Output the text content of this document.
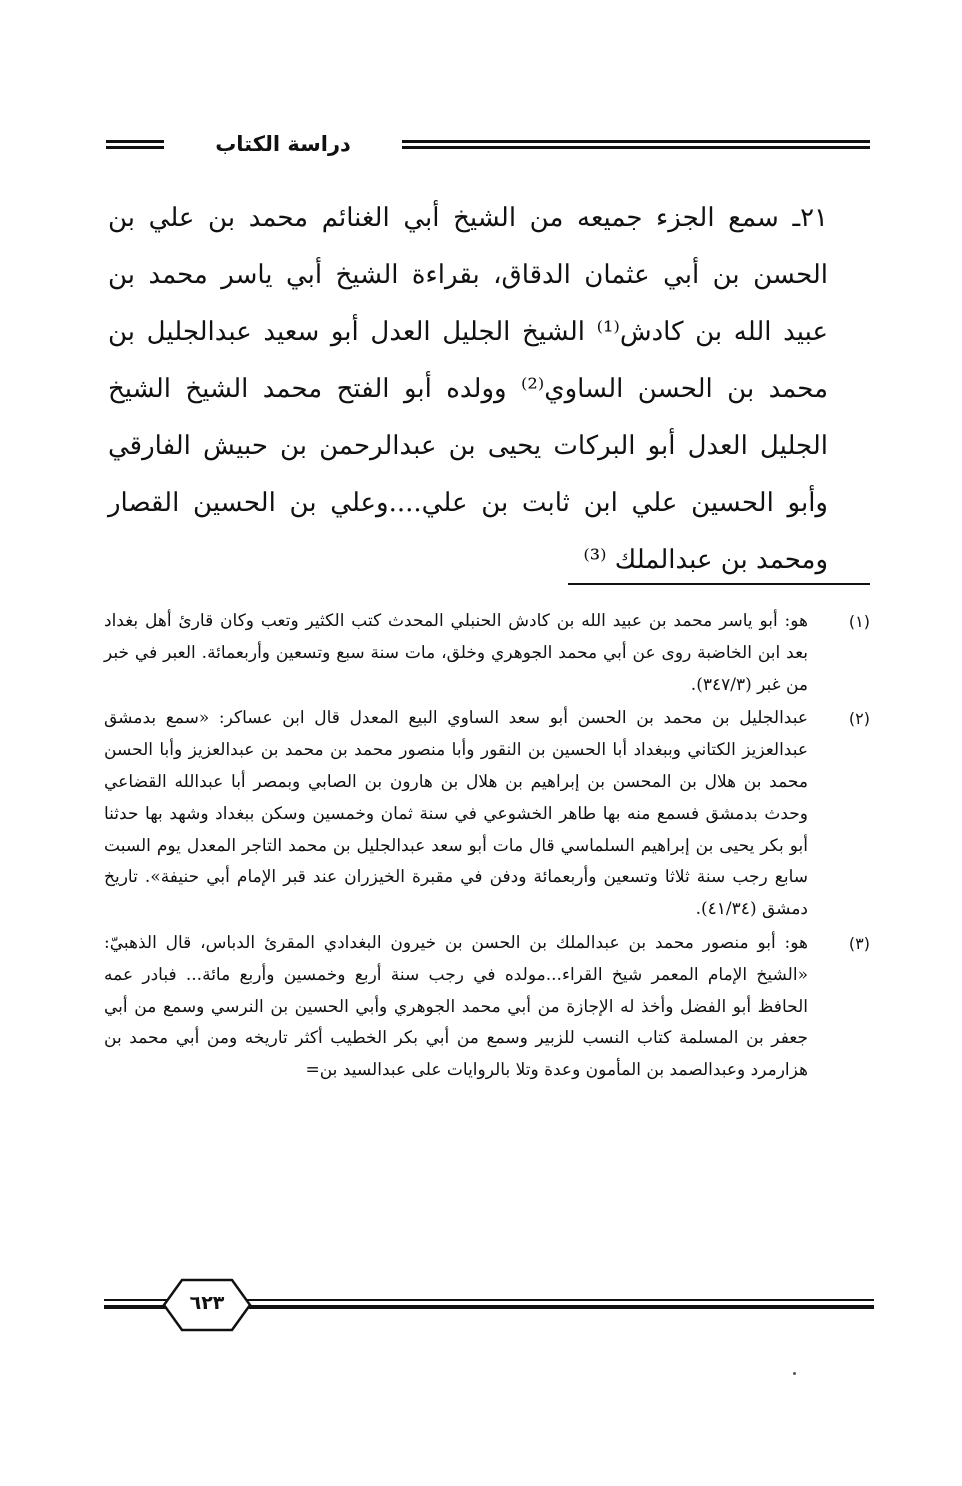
دراسة الكتاب
٢١ـ سمع الجزء جميعه من الشيخ أبي الغنائم محمد بن علي بن الحسن بن أبي عثمان الدقاق، بقراءة الشيخ أبي ياسر محمد بن عبيد الله بن كادش⁽¹⁾ الشيخ الجليل العدل أبو سعيد عبدالجليل بن محمد بن الحسن الساوي⁽²⁾ وولده أبو الفتح محمد الشيخ الشيخ الجليل العدل أبو البركات يحيى بن عبدالرحمن بن حبيش الفارقي وأبو الحسين علي ابن ثابت بن علي....وعلي بن الحسين القصار ومحمد بن عبدالملك ⁽³⁾
(١)
هو: أبو ياسر محمد بن عبيد الله بن كادش الحنبلي المحدث كتب الكثير وتعب وكان قارئ أهل بغداد بعد ابن الخاضبة روى عن أبي محمد الجوهري وخلق، مات سنة سبع وتسعين وأربعمائة. العبر في خبر من غبر (٣٤٧/٣).
(٢)
عبدالجليل بن محمد بن الحسن أبو سعد الساوي البيع المعدل قال ابن عساكر: «سمع بدمشق عبدالعزيز الكتاني وببغداد أبا الحسين بن النقور وأبا منصور محمد بن محمد بن عبدالعزيز وأبا الحسن محمد بن هلال بن المحسن بن إبراهيم بن هلال بن هارون بن الصابي وبمصر أبا عبدالله القضاعي وحدث بدمشق فسمع منه بها طاهر الخشوعي في سنة ثمان وخمسين وسكن ببغداد وشهد بها حدثنا أبو بكر يحيى بن إبراهيم السلماسي قال مات أبو سعد عبدالجليل بن محمد التاجر المعدل يوم السبت سابع رجب سنة ثلاثا وتسعين وأربعمائة ودفن في مقبرة الخيزران عند قبر الإمام أبي حنيفة». تاريخ دمشق (٤١/٣٤).
(٣)
هو: أبو منصور محمد بن عبدالملك بن الحسن بن خيرون البغدادي المقرئ الدباس، قال الذهبيّ: «الشيخ الإمام المعمر شيخ القراء...مولده في رجب سنة أربع وخمسين وأربع مائة... فبادر عمه الحافظ أبو الفضل وأخذ له الإجازة من أبي محمد الجوهري وأبي الحسين بن النرسي وسمع من أبي جعفر بن المسلمة كتاب النسب للزبير وسمع من أبي بكر الخطيب أكثر تاريخه ومن أبي محمد بن هزارمرد وعبدالصمد بن المأمون وعدة وتلا بالروايات على عبدالسيد بن=
٦٢٣
